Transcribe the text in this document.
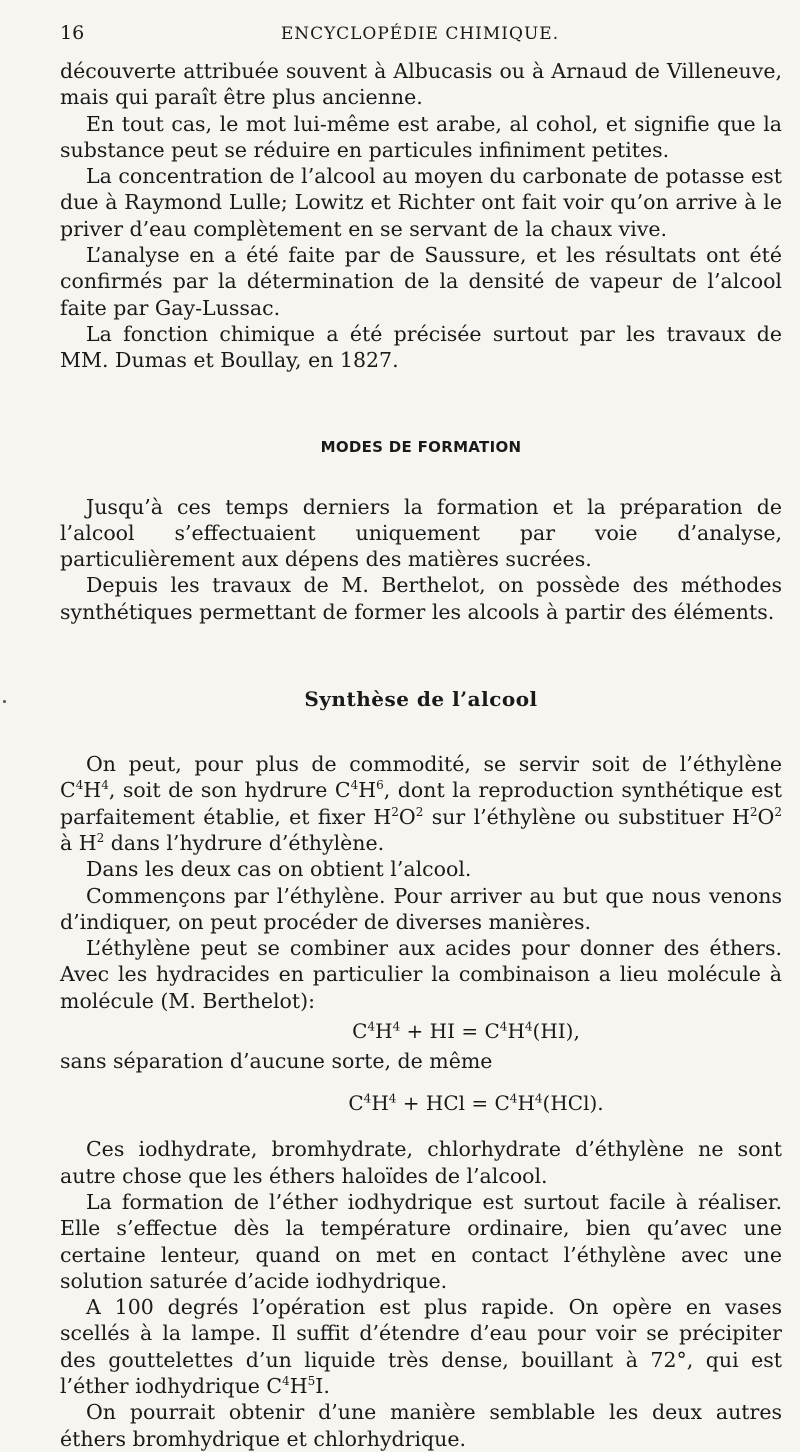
16	ENCYCLOPÉDIE CHIMIQUE.

découverte attribuée souvent à Albucasis ou à Arnaud de Villeneuve, mais qui paraît être plus ancienne.

En tout cas, le mot lui-même est arabe, al cohol, et signifie que la substance peut se réduire en particules infiniment petites.

La concentration de l’alcool au moyen du carbonate de potasse est due à Raymond Lulle; Lowitz et Richter ont fait voir qu’on arrive à le priver d’eau complètement en se servant de la chaux vive.

L’analyse en a été faite par de Saussure, et les résultats ont été confirmés par la détermination de la densité de vapeur de l’alcool faite par Gay-Lussac.

La fonction chimique a été précisée surtout par les travaux de MM. Dumas et Boullay, en 1827.

MODES DE FORMATION

Jusqu’à ces temps derniers la formation et la préparation de l’alcool s’effectuaient uniquement par voie d’analyse, particulièrement aux dépens des matières sucrées.

Depuis les travaux de M. Berthelot, on possède des méthodes synthétiques permettant de former les alcools à partir des éléments.

Synthèse de l’alcool

On peut, pour plus de commodité, se servir soit de l’éthylène $C^4H^4$, soit de son hydrure $C^4H^6$, dont la reproduction synthétique est parfaitement établie, et fixer $H^2O^2$ sur l’éthylène ou substituer $H^2O^2$ à $H^2$ dans l’hydrure d’éthylène.

Dans les deux cas on obtient l’alcool.

Commençons par l’éthylène. Pour arriver au but que nous venons d’indiquer, on peut procéder de diverses manières.

L’éthylène peut se combiner aux acides pour donner des éthers. Avec les hydracides en particulier la combinaison a lieu molécule à molécule (M. Berthelot):

$C^4H^4$ + HI = $C^4H^4(HI)$,

sans séparation d’aucune sorte, de même

$C^4H^4$ + HCl = $C^4H^4(HCl)$.

Ces iodhydrate, bromhydrate, chlorhydrate d’éthylène ne sont autre chose que les éthers haloïdes de l’alcool.

La formation de l’éther iodhydrique est surtout facile à réaliser. Elle s’effectue dès la température ordinaire, bien qu’avec une certaine lenteur, quand on met en contact l’éthylène avec une solution saturée d’acide iodhydrique.

A 100 degrés l’opération est plus rapide. On opère en vases scellés à la lampe. Il suffit d’étendre d’eau pour voir se précipiter des gouttelettes d’un liquide très dense, bouillant à 72°, qui est l’éther iodhydrique $C^4H^5I$.

On pourrait obtenir d’une manière semblable les deux autres éthers bromhydrique et chlorhydrique.
